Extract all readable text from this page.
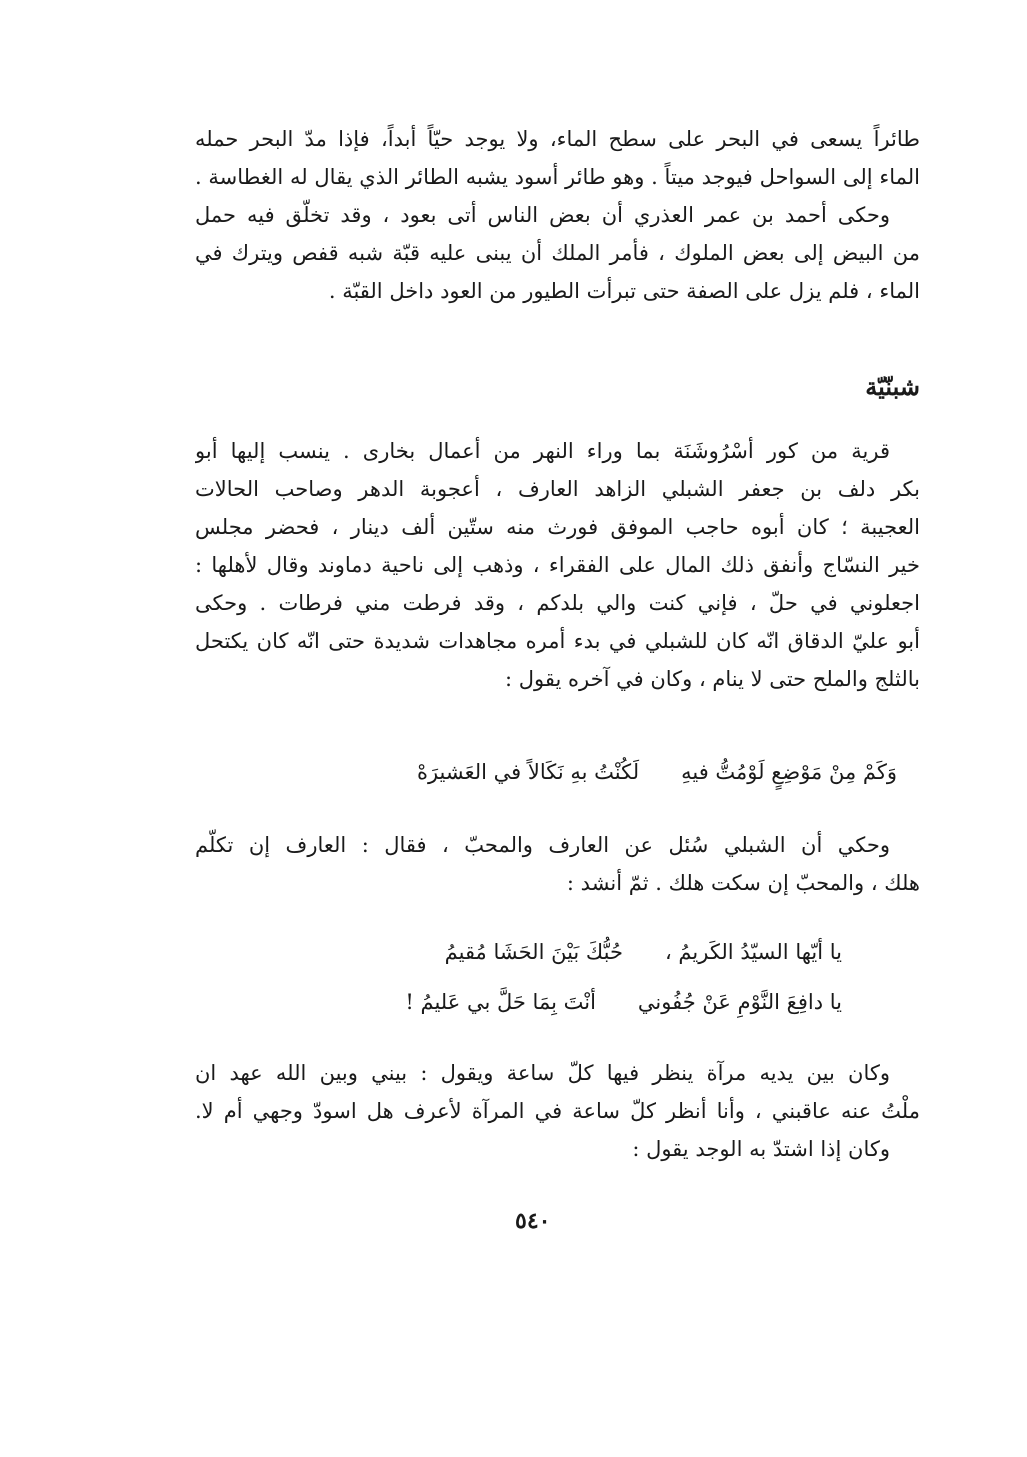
طائراً يسعى في البحر على سطح الماء، ولا يوجد حيّاً أبداً، فإذا مدّ البحر حمله
الماء إلى السواحل فيوجد ميتاً . وهو طائر أسود يشبه الطائر الذي يقال له الغطاسة .
وحكى أحمد بن عمر العذري أن بعض الناس أتى بعود ، وقد تخلّق فيه حمل
من البيض إلى بعض الملوك ، فأمر الملك أن يبنى عليه قبّة شبه قفص ويترك في
الماء ، فلم يزل على الصفة حتى تبرأت الطيور من العود داخل القبّة .
شبنّيّة
قرية من كور أسْرُوشَنَة بما وراء النهر من أعمال بخارى . ينسب إليها أبو
بكر دلف بن جعفر الشبلي الزاهد العارف ، أعجوبة الدهر وصاحب الحالات
العجيبة ؛ كان أبوه حاجب الموفق فورث منه ستّين ألف دينار ، فحضر مجلس
خير النسّاج وأنفق ذلك المال على الفقراء ، وذهب إلى ناحية دماوند وقال لأهلها :
اجعلوني في حلّ ، فإني كنت والي بلدكم ، وقد فرطت مني فرطات . وحكى
أبو عليّ الدقاق انّه كان للشبلي في بدء أمره مجاهدات شديدة حتى انّه كان يكتحل
بالثلج والملح حتى لا ينام ، وكان في آخره يقول :
وَكَمْ مِنْ مَوْضِعٍ لَوْمُتُّ فيهِلَكُنْتُ بهِ نَكَالاً في العَشيرَهْ
وحكي أن الشبلي سُئل عن العارف والمحبّ ، فقال : العارف إن تكلّم
هلك ، والمحبّ إن سكت هلك . ثمّ أنشد :
يا أيّها السيّدُ الكَريمُ ،حُبُّكَ بَيْنَ الحَشَا مُقيمُ
يا دافِعَ النَّوْمِ عَنْ جُفُونيأنْتَ بِمَا حَلَّ بي عَليمُ !
وكان بين يديه مرآة ينظر فيها كلّ ساعة ويقول : بيني وبين الله عهد ان
ملْتُ عنه عاقبني ، وأنا أنظر كلّ ساعة في المرآة لأعرف هل اسودّ وجهي أم لا.
وكان إذا اشتدّ به الوجد يقول :
٥٤٠
